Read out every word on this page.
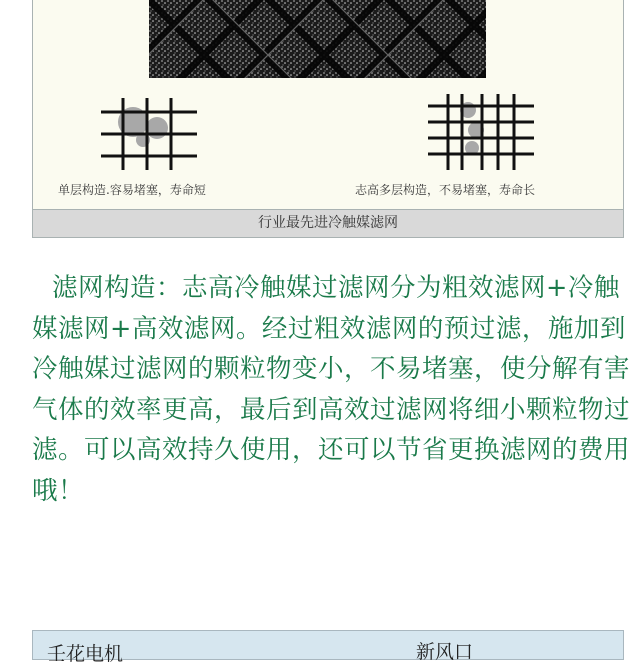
单层构造.容易堵塞，寿命短	志高多层构造，不易堵塞，寿命长
行业最先进冷触媒滤网

滤网构造：志高冷触媒过滤网分为粗效滤网+冷触媒滤网+高效滤网。经过粗效滤网的预过滤，施加到冷触媒过滤网的颗粒物变小，不易堵塞，使分解有害气体的效率更高，最后到高效过滤网将细小颗粒物过滤。可以高效持久使用，还可以节省更换滤网的费用哦！

壬花电机	新风口
